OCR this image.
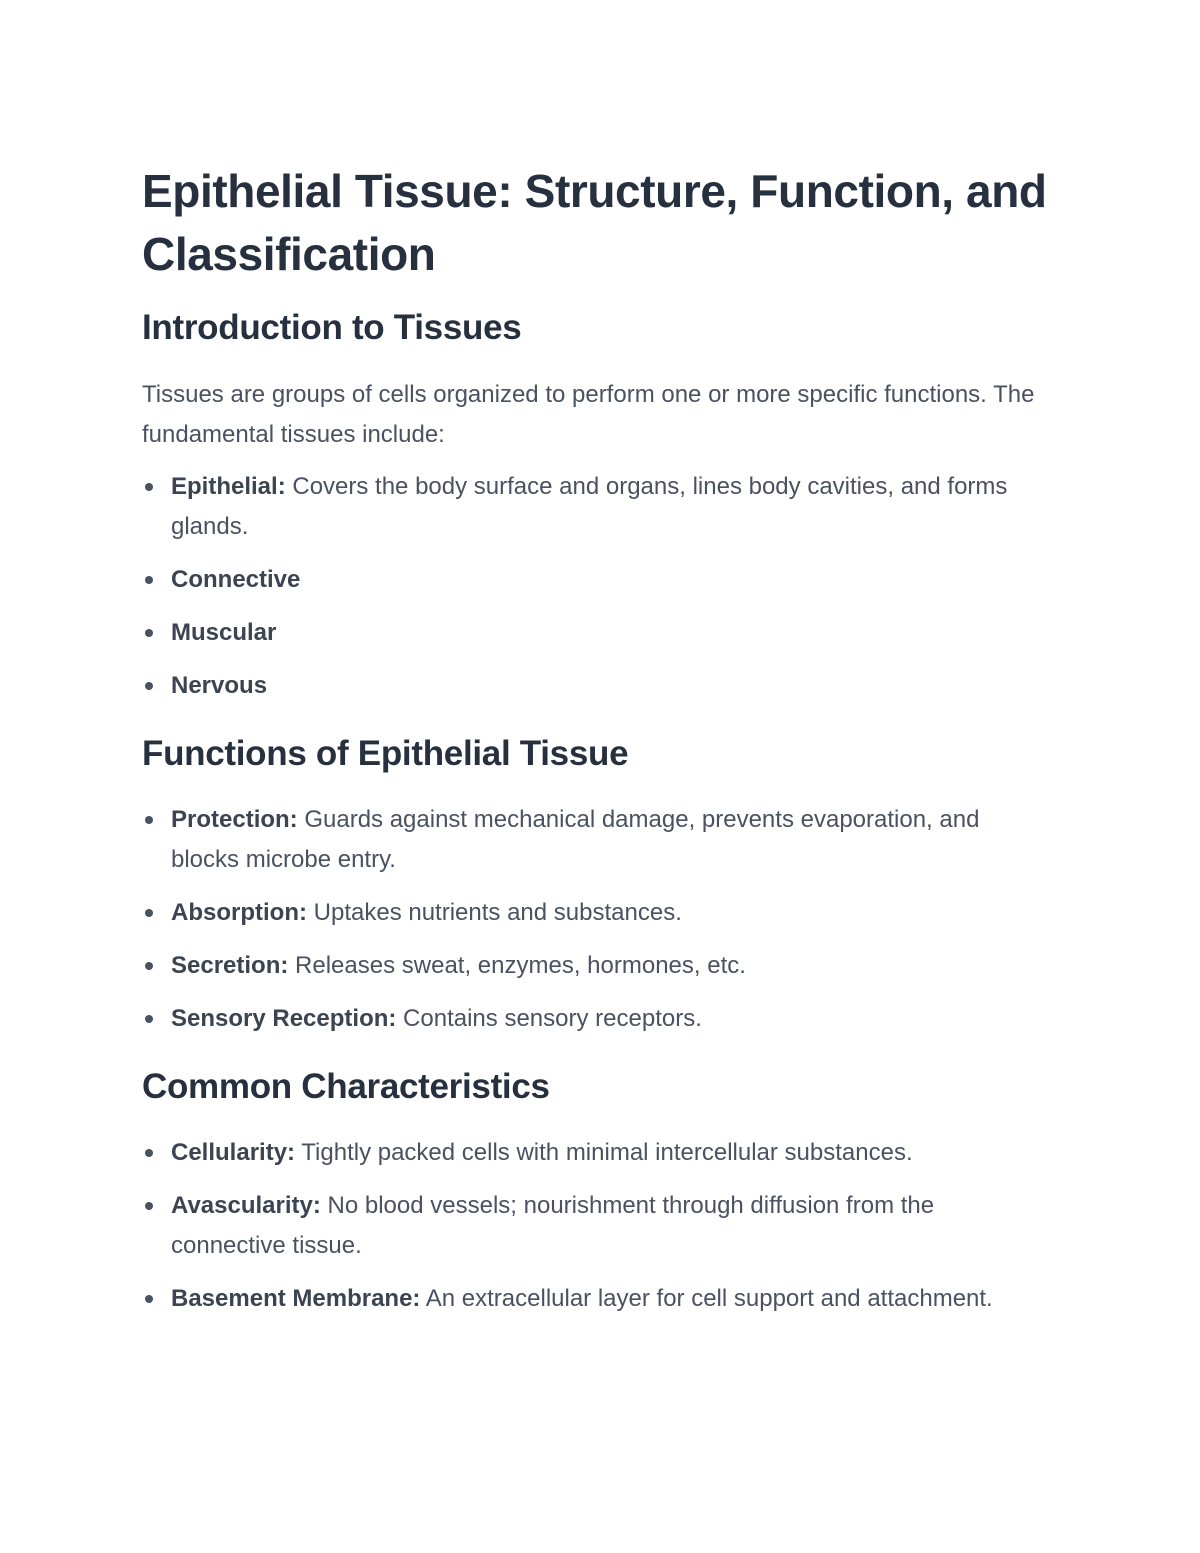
Epithelial Tissue: Structure, Function, and Classification
Introduction to Tissues

Tissues are groups of cells organized to perform one or more specific functions. The fundamental tissues include:

Epithelial: Covers the body surface and organs, lines body cavities, and forms glands.
Connective
Muscular
Nervous
Functions of Epithelial Tissue
Protection: Guards against mechanical damage, prevents evaporation, and blocks microbe entry.
Absorption: Uptakes nutrients and substances.
Secretion: Releases sweat, enzymes, hormones, etc.
Sensory Reception: Contains sensory receptors.
Common Characteristics
Cellularity: Tightly packed cells with minimal intercellular substances.
Avascularity: No blood vessels; nourishment through diffusion from the connective tissue.
Basement Membrane: An extracellular layer for cell support and attachment.
